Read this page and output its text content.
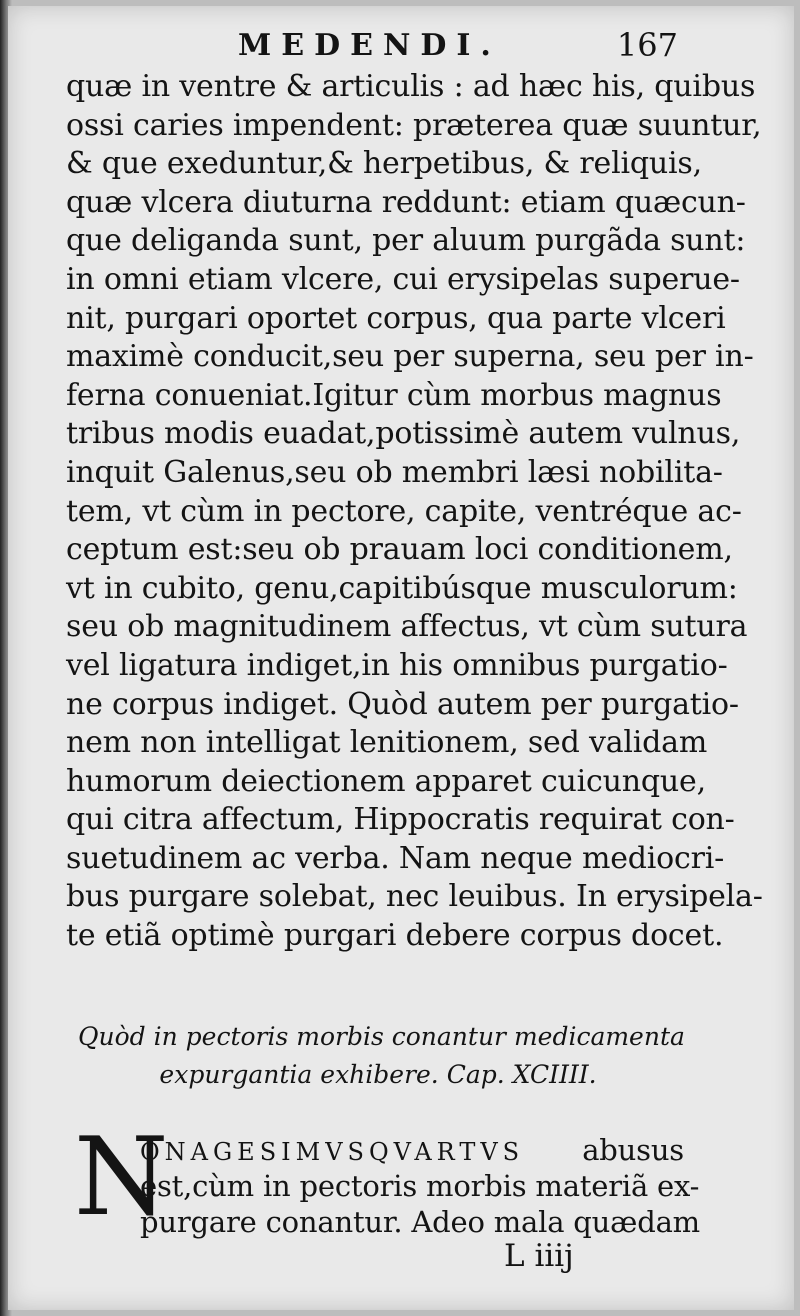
MEDENDI.	167
quæ in ventre & articulis : ad hæc his, quibus
ossi caries impendent: præterea quæ suuntur,
& que exeduntur,& herpetibus, & reliquis,
quæ vlcera diuturna reddunt: etiam quæcun-
que deliganda sunt, per aluum purgãda sunt:
in omni etiam vlcere, cui erysipelas superue-
nit, purgari oportet corpus, qua parte vlceri
maximè conducit,seu per superna, seu per in-
ferna conueniat.Igitur cùm morbus magnus
tribus modis euadat,potissimè autem vulnus,
inquit Galenus,seu ob membri læsi nobilita-
tem, vt cùm in pectore, capite, ventréque ac-
ceptum est:seu ob prauam loci conditionem,
vt in cubito, genu,capitibúsque musculorum:
seu ob magnitudinem affectus, vt cùm sutura
vel ligatura indiget,in his omnibus purgatio-
ne corpus indiget. Quòd autem per purgatio-
nem non intelligat lenitionem, sed validam
humorum deiectionem apparet cuicunque,
qui citra affectum, Hippocratis requirat con-
suetudinem ac verba. Nam neque mediocri-
bus purgare solebat, nec leuibus. In erysipela-
te etiã optimè purgari debere corpus docet.
Quòd in pectoris morbis conantur medicamenta
expurgantia exhibere. Cap. XCIIII.
N
ONAGESIMVSQVARTVS abusus
est,cùm in pectoris morbis materiã ex-
purgare conantur. Adeo mala quædam
L iiij
